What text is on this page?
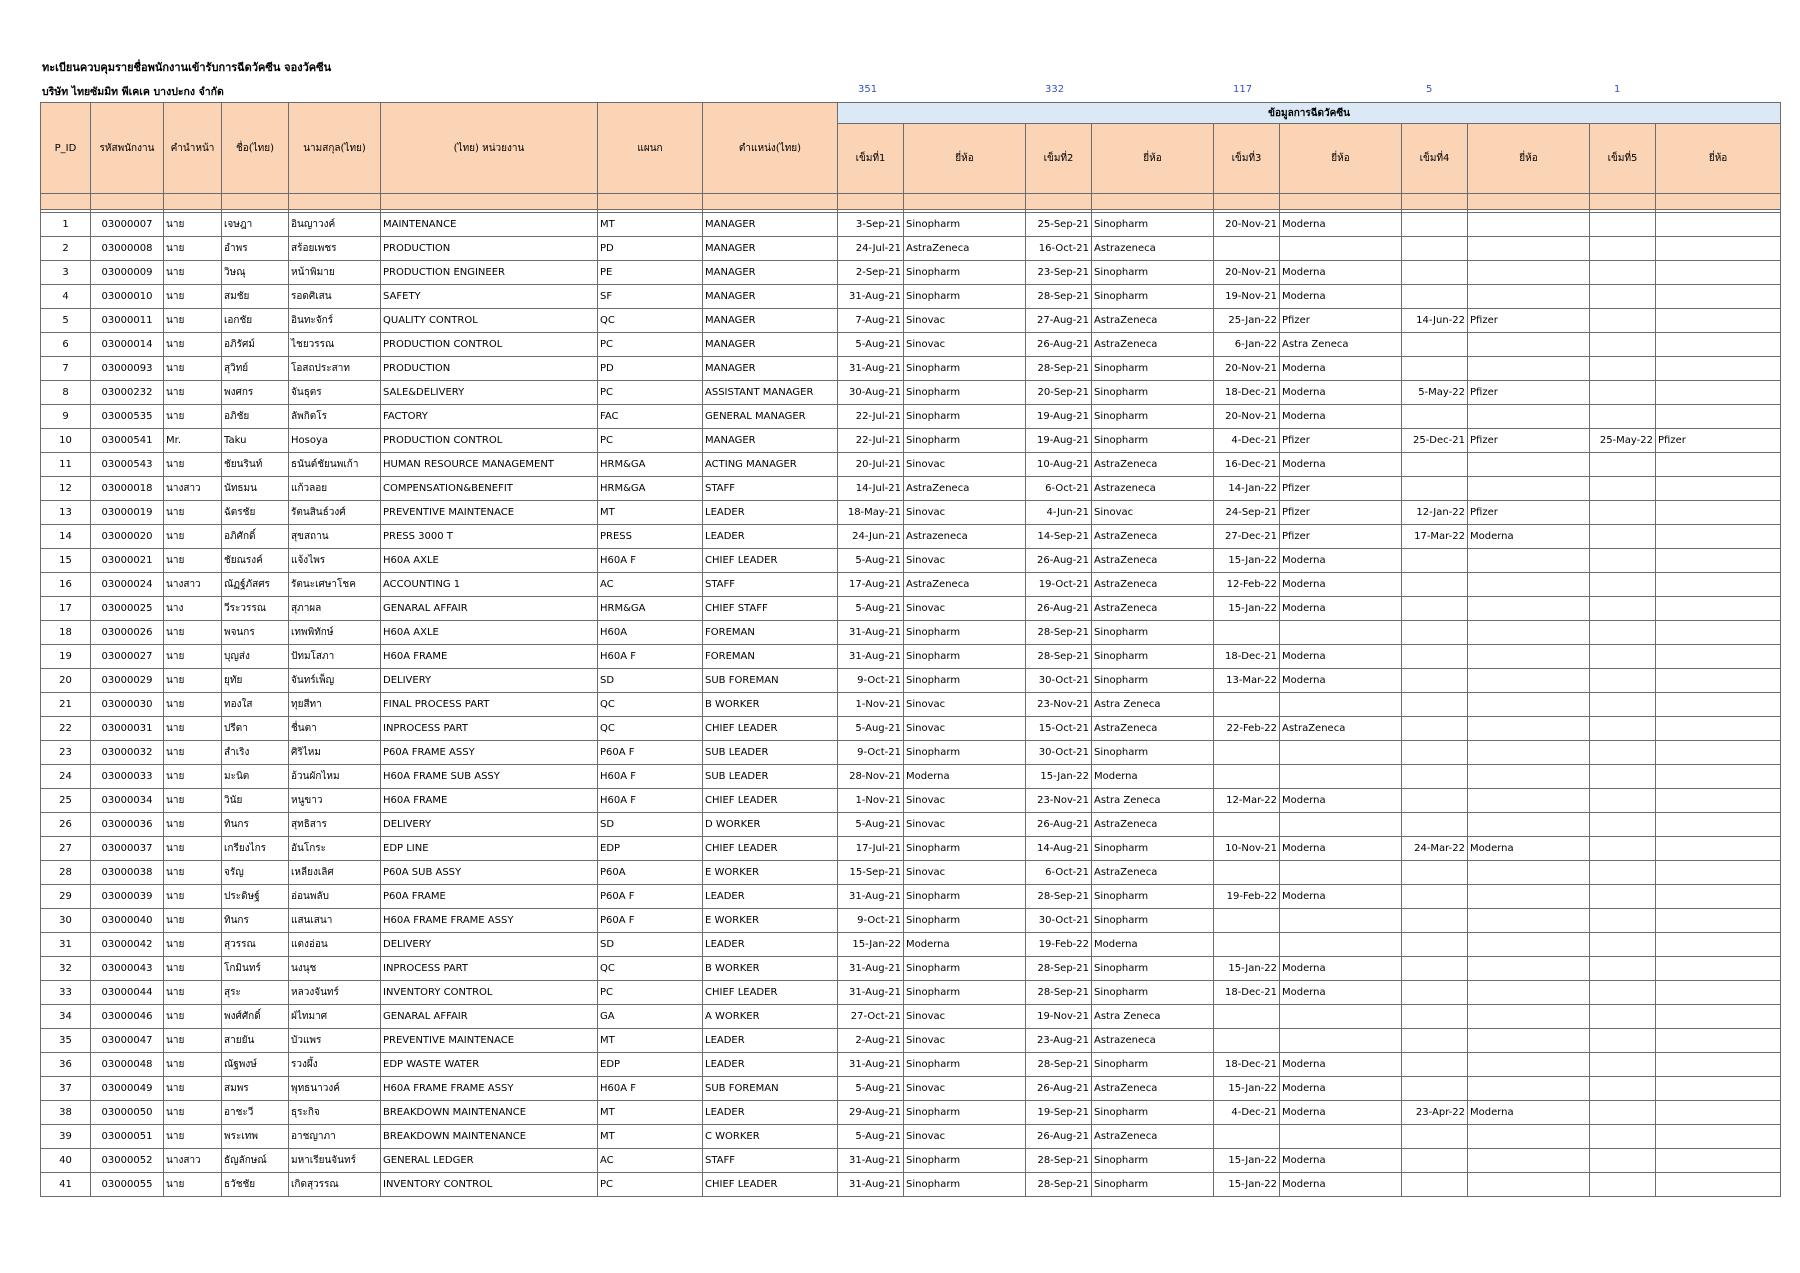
ทะเบียนควบคุมรายชื่อพนักงานเข้ารับการฉีดวัคซีน จองวัคซีน
บริษัท ไทยซัมมิท พีเคเค บางปะกง จำกัด	351	332	117	5	1
P_ID	รหัสพนักงาน	คำนำหน้า	ชื่อ(ไทย)	นามสกุล(ไทย)	(ไทย) หน่วยงาน	แผนก	ตำแหน่ง(ไทย)	ข้อมูลการฉีดวัคซีน									
								เข็มที่1	ยี่ห้อ	เข็มที่2	ยี่ห้อ	เข็มที่3	ยี่ห้อ	เข็มที่4	ยี่ห้อ	เข็มที่5	ยี่ห้อ

1	03000007	นาย	เจษฎา	อินญาวงค์	MAINTENANCE	MT	MANAGER	3-Sep-21	Sinopharm	25-Sep-21	Sinopharm	20-Nov-21	Moderna				
2	03000008	นาย	อำพร	สร้อยเพชร	PRODUCTION	PD	MANAGER	24-Jul-21	AstraZeneca	16-Oct-21	Astrazeneca						
3	03000009	นาย	วิษณุ	หน้าพิมาย	PRODUCTION ENGINEER	PE	MANAGER	2-Sep-21	Sinopharm	23-Sep-21	Sinopharm	20-Nov-21	Moderna				
4	03000010	นาย	สมชัย	รอดศิเสน	SAFETY	SF	MANAGER	31-Aug-21	Sinopharm	28-Sep-21	Sinopharm	19-Nov-21	Moderna				
5	03000011	นาย	เอกชัย	อินทะจักร์	QUALITY CONTROL	QC	MANAGER	7-Aug-21	Sinovac	27-Aug-21	AstraZeneca	25-Jan-22	Pfizer	14-Jun-22	Pfizer		
6	03000014	นาย	อภิรัศม์	ไชยวรรณ	PRODUCTION CONTROL	PC	MANAGER	5-Aug-21	Sinovac	26-Aug-21	AstraZeneca	6-Jan-22	Astra Zeneca				
7	03000093	นาย	สุวิทย์	โอสถประสาท	PRODUCTION	PD	MANAGER	31-Aug-21	Sinopharm	28-Sep-21	Sinopharm	20-Nov-21	Moderna				
8	03000232	นาย	พงศกร	จันธุตร	SALE&DELIVERY	PC	ASSISTANT MANAGER	30-Aug-21	Sinopharm	20-Sep-21	Sinopharm	18-Dec-21	Moderna	5-May-22	Pfizer		
9	03000535	นาย	อภิชัย	ลัพกิตโร	FACTORY	FAC	GENERAL MANAGER	22-Jul-21	Sinopharm	19-Aug-21	Sinopharm	20-Nov-21	Moderna				
10	03000541	Mr.	Taku	Hosoya	PRODUCTION CONTROL	PC	MANAGER	22-Jul-21	Sinopharm	19-Aug-21	Sinopharm	4-Dec-21	Pfizer	25-Dec-21	Pfizer	25-May-22	Pfizer
11	03000543	นาย	ชัยนรินท์	ธนันต์ชัยนพเก้า	HUMAN RESOURCE MANAGEMENT	HRM&GA	ACTING MANAGER	20-Jul-21	Sinovac	10-Aug-21	AstraZeneca	16-Dec-21	Moderna				
12	03000018	นางสาว	นัทธมน	แก้วลอย	COMPENSATION&BENEFIT	HRM&GA	STAFF	14-Jul-21	AstraZeneca	6-Oct-21	Astrazeneca	14-Jan-22	Pfizer				
13	03000019	นาย	ฉัตรชัย	รัตนสินธ์วงศ์	PREVENTIVE MAINTENACE	MT	LEADER	18-May-21	Sinovac	4-Jun-21	Sinovac	24-Sep-21	Pfizer	12-Jan-22	Pfizer		
14	03000020	นาย	อภิศักดิ์	สุขสถาน	PRESS 3000 T	PRESS	LEADER	24-Jun-21	Astrazeneca	14-Sep-21	AstraZeneca	27-Dec-21	Pfizer	17-Mar-22	Moderna		
15	03000021	นาย	ชัยณรงค์	แจ้งไพร	H60A AXLE	H60A F	CHIEF LEADER	5-Aug-21	Sinovac	26-Aug-21	AstraZeneca	15-Jan-22	Moderna				
16	03000024	นางสาว	ณัฏฐ์ภัสศร	รัตนะเศษาโชค	ACCOUNTING 1	AC	STAFF	17-Aug-21	AstraZeneca	19-Oct-21	AstraZeneca	12-Feb-22	Moderna				
17	03000025	นาง	วีระวรรณ	สุภาผล	GENARAL AFFAIR	HRM&GA	CHIEF STAFF	5-Aug-21	Sinovac	26-Aug-21	AstraZeneca	15-Jan-22	Moderna				
18	03000026	นาย	พจนกร	เทพพิทักษ์	H60A AXLE	H60A	FOREMAN	31-Aug-21	Sinopharm	28-Sep-21	Sinopharm						
19	03000027	นาย	บุญส่ง	ปัทมโสภา	H60A FRAME	H60A F	FOREMAN	31-Aug-21	Sinopharm	28-Sep-21	Sinopharm	18-Dec-21	Moderna				
20	03000029	นาย	ยุทัย	จันทร์เพ็ญ	DELIVERY	SD	SUB FOREMAN	9-Oct-21	Sinopharm	30-Oct-21	Sinopharm	13-Mar-22	Moderna				
21	03000030	นาย	ทองใส	ทุยสีทา	FINAL PROCESS PART	QC	B WORKER	1-Nov-21	Sinovac	23-Nov-21	Astra Zeneca						
22	03000031	นาย	ปรีดา	ชื่นตา	INPROCESS PART	QC	CHIEF LEADER	5-Aug-21	Sinovac	15-Oct-21	AstraZeneca	22-Feb-22	AstraZeneca				
23	03000032	นาย	สำเริง	ศิริไหม	P60A FRAME ASSY	P60A F	SUB LEADER	9-Oct-21	Sinopharm	30-Oct-21	Sinopharm						
24	03000033	นาย	มะนิต	อ้วนผักไหม	H60A FRAME SUB ASSY	H60A F	SUB LEADER	28-Nov-21	Moderna	15-Jan-22	Moderna						
25	03000034	นาย	วินัย	หนูขาว	H60A FRAME	H60A F	CHIEF LEADER	1-Nov-21	Sinovac	23-Nov-21	Astra Zeneca	12-Mar-22	Moderna				
26	03000036	นาย	ทินกร	สุทธิสาร	DELIVERY	SD	D WORKER	5-Aug-21	Sinovac	26-Aug-21	AstraZeneca						
27	03000037	นาย	เกรียงไกร	อันโกระ	EDP LINE	EDP	CHIEF LEADER	17-Jul-21	Sinopharm	14-Aug-21	Sinopharm	10-Nov-21	Moderna	24-Mar-22	Moderna		
28	03000038	นาย	จรัญ	เหลียงเลิศ	P60A SUB ASSY	P60A	E WORKER	15-Sep-21	Sinovac	6-Oct-21	AstraZeneca						
29	03000039	นาย	ประดิษฐ์	อ่อนพลับ	P60A FRAME	P60A F	LEADER	31-Aug-21	Sinopharm	28-Sep-21	Sinopharm	19-Feb-22	Moderna				
30	03000040	นาย	ทินกร	แสนเสนา	H60A FRAME FRAME ASSY	P60A F	E WORKER	9-Oct-21	Sinopharm	30-Oct-21	Sinopharm						
31	03000042	นาย	สุวรรณ	แตงอ่อน	DELIVERY	SD	LEADER	15-Jan-22	Moderna	19-Feb-22	Moderna						
32	03000043	นาย	โกมินทร์	นงนุช	INPROCESS PART	QC	B WORKER	31-Aug-21	Sinopharm	28-Sep-21	Sinopharm	15-Jan-22	Moderna				
33	03000044	นาย	สุระ	หลวงจันทร์	INVENTORY CONTROL	PC	CHIEF LEADER	31-Aug-21	Sinopharm	28-Sep-21	Sinopharm	18-Dec-21	Moderna				
34	03000046	นาย	พงศ์ศักดิ์	ฝ่ไทมาศ	GENARAL AFFAIR	GA	A WORKER	27-Oct-21	Sinovac	19-Nov-21	Astra Zeneca						
35	03000047	นาย	สายยัน	บัวแพร	PREVENTIVE MAINTENACE	MT	LEADER	2-Aug-21	Sinovac	23-Aug-21	Astrazeneca						
36	03000048	นาย	ณัฐพงษ์	รวงผึ้ง	EDP WASTE WATER	EDP	LEADER	31-Aug-21	Sinopharm	28-Sep-21	Sinopharm	18-Dec-21	Moderna				
37	03000049	นาย	สมพร	พุทธนาวงค์	H60A FRAME FRAME ASSY	H60A F	SUB FOREMAN	5-Aug-21	Sinovac	26-Aug-21	AstraZeneca	15-Jan-22	Moderna				
38	03000050	นาย	อาชะวี	ธุระกิจ	BREAKDOWN MAINTENANCE	MT	LEADER	29-Aug-21	Sinopharm	19-Sep-21	Sinopharm	4-Dec-21	Moderna	23-Apr-22	Moderna		
39	03000051	นาย	พระเทพ	อาชญาภา	BREAKDOWN MAINTENANCE	MT	C WORKER	5-Aug-21	Sinovac	26-Aug-21	AstraZeneca						
40	03000052	นางสาว	ธัญลักษณ์	มหาเรียนจันทร์	GENERAL LEDGER	AC	STAFF	31-Aug-21	Sinopharm	28-Sep-21	Sinopharm	15-Jan-22	Moderna				
41	03000055	นาย	ธวัชชัย	เกิดสุวรรณ	INVENTORY CONTROL	PC	CHIEF LEADER	31-Aug-21	Sinopharm	28-Sep-21	Sinopharm	15-Jan-22	Moderna				
